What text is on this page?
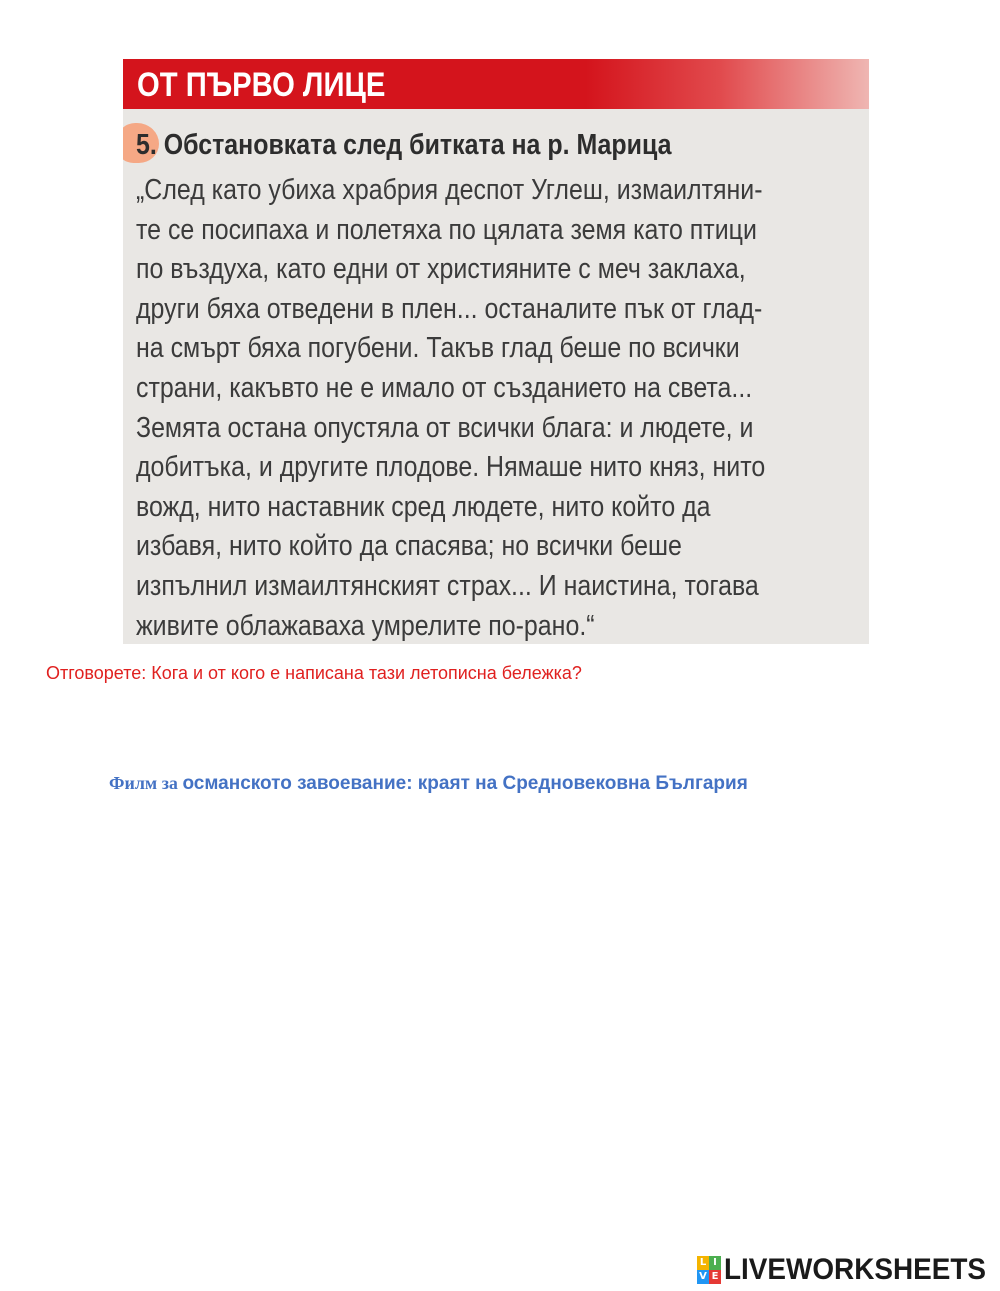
ОТ ПЪРВО ЛИЦЕ
5. Обстановката след битката на р. Марица
„След като убиха храбрия деспот Углеш, измаилтяни-
те се посипаха и полетяха по цялата земя като птици
по въздуха, като едни от християните с меч заклаха,
други бяха отведени в плен... останалите пък от глад-
на смърт бяха погубени. Такъв глад беше по всички
страни, какъвто не е имало от създанието на света...
Земята остана опустяла от всички блага: и людете, и
добитъка, и другите плодове. Нямаше нито княз, нито
вожд, нито наставник сред людете, нито който да
избавя, нито който да спасява; но всички беше
изпълнил измаилтянският страх... И наистина, тогава
живите облажаваха умрелите по-рано.“
Отговорете: Кога и от кого е написана тази летописна бележка?
Филм за османското завоевание: краят на Средновековна България
L I
V E LIVEWORKSHEETS
